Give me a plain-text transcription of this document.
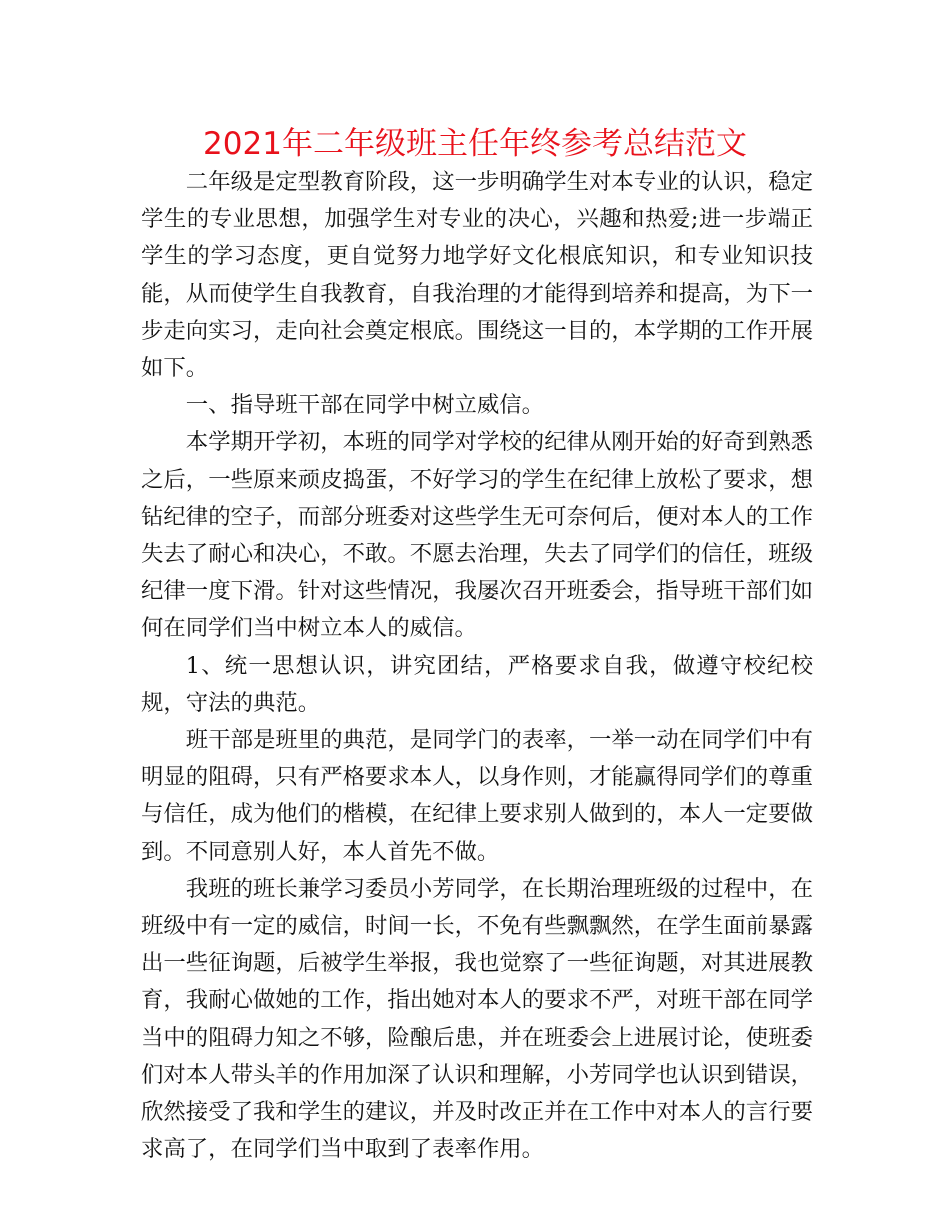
2021年二年级班主任年终参考总结范文

二年级是定型教育阶段，这一步明确学生对本专业的认识，稳定学生的专业思想，加强学生对专业的决心，兴趣和热爱;进一步端正学生的学习态度，更自觉努力地学好文化根底知识，和专业知识技能，从而使学生自我教育，自我治理的才能得到培养和提高，为下一步走向实习，走向社会奠定根底。围绕这一目的，本学期的工作开展如下。

一、指导班干部在同学中树立威信。

本学期开学初，本班的同学对学校的纪律从刚开始的好奇到熟悉之后，一些原来顽皮捣蛋，不好学习的学生在纪律上放松了要求，想钻纪律的空子，而部分班委对这些学生无可奈何后，便对本人的工作失去了耐心和决心，不敢。不愿去治理，失去了同学们的信任，班级纪律一度下滑。针对这些情况，我屡次召开班委会，指导班干部们如何在同学们当中树立本人的威信。

1、统一思想认识，讲究团结，严格要求自我，做遵守校纪校规，守法的典范。

班干部是班里的典范，是同学门的表率，一举一动在同学们中有明显的阻碍，只有严格要求本人，以身作则，才能赢得同学们的尊重与信任，成为他们的楷模，在纪律上要求别人做到的，本人一定要做到。不同意别人好，本人首先不做。

我班的班长兼学习委员小芳同学，在长期治理班级的过程中，在班级中有一定的威信，时间一长，不免有些飘飘然，在学生面前暴露出一些征询题，后被学生举报，我也觉察了一些征询题，对其进展教育，我耐心做她的工作，指出她对本人的要求不严，对班干部在同学当中的阻碍力知之不够，险酿后患，并在班委会上进展讨论，使班委们对本人带头羊的作用加深了认识和理解，小芳同学也认识到错误，欣然接受了我和学生的建议，并及时改正并在工作中对本人的言行要求高了，在同学们当中取到了表率作用。
